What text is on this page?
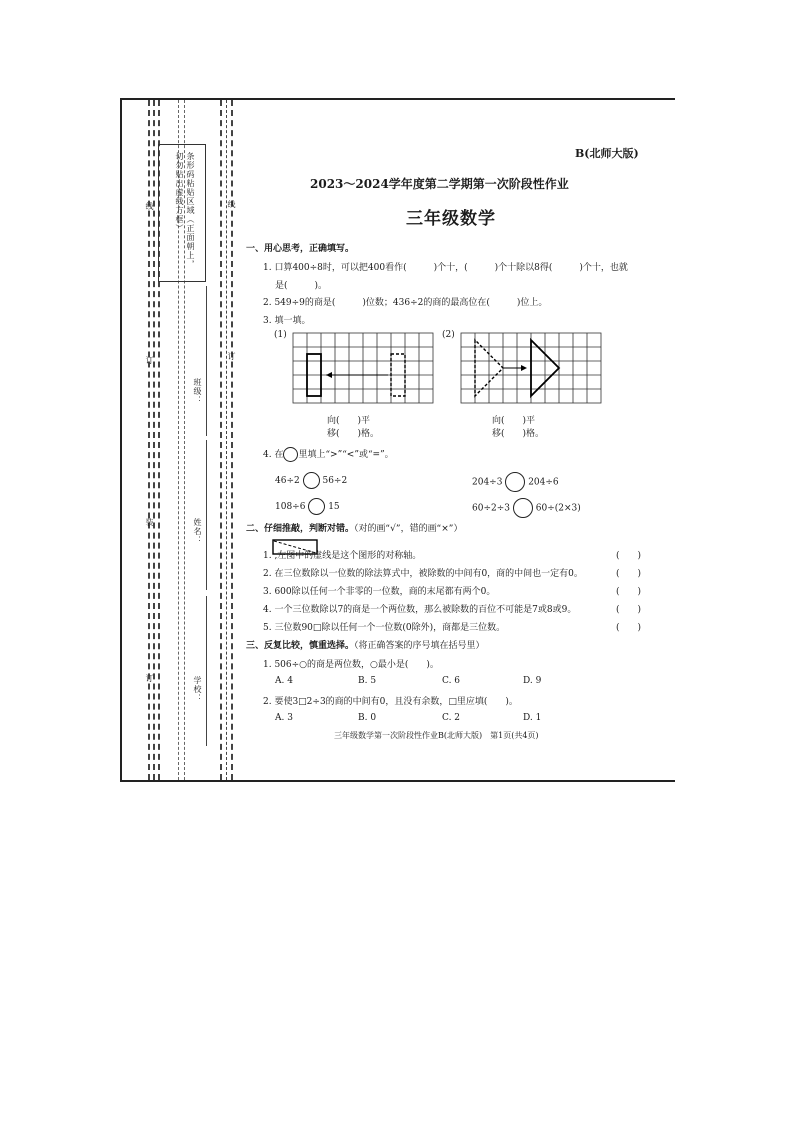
条形码粘贴区域（正面朝上，切勿贴出虚线方框）
线
订
装
订
线
订
班级：
姓名：
学校：
B(北师大版)
2023～2024学年度第二学期第一次阶段性作业
三年级数学
一、用心思考，正确填写。
1. 口算400÷8时，可以把400看作(　　　)个十，(　　　)个十除以8得(　　　)个十，也就
是(　　　)。
2. 549÷9的商是(　　　)位数；436÷2的商的最高位在(　　　)位上。
3. 填一填。
(1)
向(　　)平
移(　　)格。
(2)
向(　　)平
移(　　)格。
4. 在 里填上“>”“<”或“=”。
46÷2	56÷2	204÷3	204÷6
108÷6	15	60÷2÷3	60÷(2×3)
二、仔细推敲，判断对错。（对的画“√”，错的画“×”）
1. ,左图中的虚线是这个图形的对称轴。	(　　)
2. 在三位数除以一位数的除法算式中，被除数的中间有0，商的中间也一定有0。	(　　)
3. 600除以任何一个非零的一位数，商的末尾都有两个0。	(　　)
4. 一个三位数除以7的商是一个两位数，那么被除数的百位不可能是7或8或9。	(　　)
5. 三位数90□除以任何一个一位数(0除外)，商都是三位数。	(　　)
三、反复比较，慎重选择。（将正确答案的序号填在括号里）
1. 506÷○的商是两位数，○最小是(　　)。
A. 4	B. 5	C. 6	D. 9
2. 要使3□2÷3的商的中间有0，且没有余数，□里应填(　　)。
A. 3	B. 0	C. 2	D. 1
三年级数学第一次阶段性作业B(北师大版)　第1页(共4页)
